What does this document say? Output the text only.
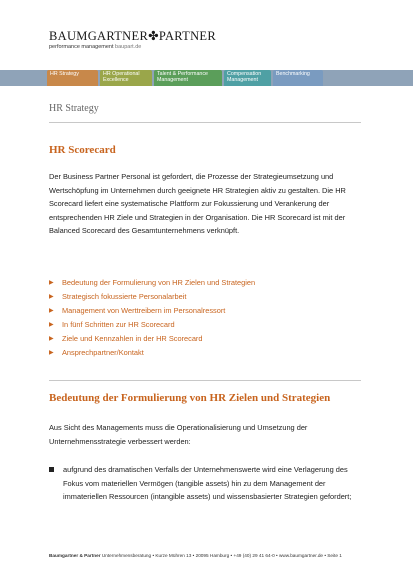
BAUMGARTNER✤PARTNER
performance management baupart.de
HR Strategy	HR Operational
Excellence
Talent & Performance
Management
Compensation
Management
Benchmarking
HR Strategy
HR Scorecard
Der Business Partner Personal ist gefordert, die Prozesse der Strategieumsetzung und Wertschöpfung im Unternehmen durch geeignete HR Strategien aktiv zu gestalten. Die HR Scorecard liefert eine systematische Plattform zur Fokussierung und Verankerung der entsprechenden HR Ziele und Strategien in der Organisation. Die HR Scorecard ist mit der Balanced Scorecard des Gesamtunternehmens verknüpft.
▶ Bedeutung der Formulierung von HR Zielen und Strategien
▶ Strategisch fokussierte Personalarbeit
▶ Management von Werttreibern im Personalressort
▶ In fünf Schritten zur HR Scorecard
▶ Ziele und Kennzahlen in der HR Scorecard
▶ Ansprechpartner/Kontakt
Bedeutung der Formulierung von HR Zielen und Strategien
Aus Sicht des Managements muss die Operationalisierung und Umsetzung der Unternehmensstrategie verbessert werden:
aufgrund des dramatischen Verfalls der Unternehmenswerte wird eine Verlagerung des Fokus vom materiellen Vermögen (tangible assets) hin zu dem Management der immateriellen Ressourcen (intangible assets) und wissensbasierter Strategien gefordert;
Baumgartner & Partner Unternehmensberatung • Kurze Mühren 13 • 20095 Hamburg • +49 (40) 29 41 64-0 • www.baumgartner.de • Seite 1
